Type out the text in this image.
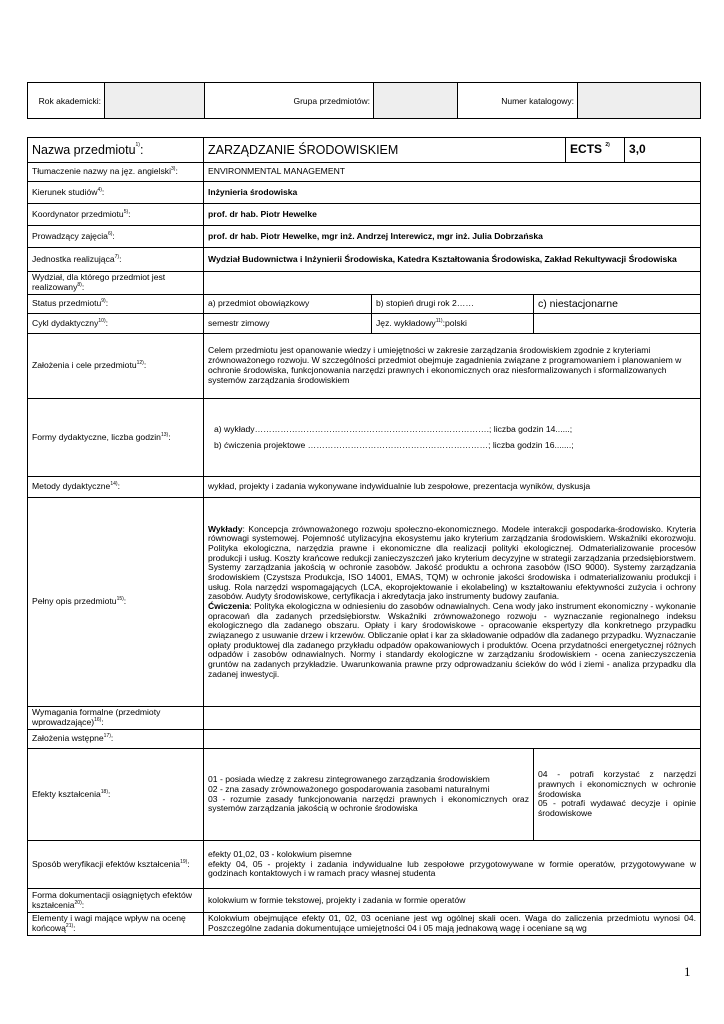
Rok akademicki:		Grupa przedmiotów:		Numer katalogowy:	
Nazwa przedmiotu$^{1)}$:	ZARZĄDZANIE ŚRODOWISKIEM			ECTS $^{2)}$	3,0
Tłumaczenie nazwy na jęz. angielski$^{3)}$:	ENVIRONMENTAL MANAGEMENT				
Kierunek studiów$^{4)}$:	Inżynieria środowiska				
Koordynator przedmiotu$^{5)}$:	prof. dr hab. Piotr Hewelke				
Prowadzący zajęcia$^{6)}$:	prof. dr hab. Piotr Hewelke, mgr inż. Andrzej Interewicz, mgr inż. Julia Dobrzańska				
Jednostka realizująca$^{7)}$:	Wydział Budownictwa i Inżynierii Środowiska, Katedra Kształtowania Środowiska, Zakład Rekultywacji Środowiska				
Wydział, dla którego przedmiot jest realizowany$^{8)}$:					
Status przedmiotu$^{9)}$:	a) przedmiot obowiązkowy	b) stopień drugi rok 2……	c) niestacjonarne		
Cykl dydaktyczny$^{10)}$:	semestr zimowy	Jęz. wykładowy$^{11)}$:polski			
Założenia i cele przedmiotu$^{12)}$:	Celem przedmiotu jest opanowanie wiedzy i umiejętności w zakresie zarządzania środowiskiem zgodnie z kryteriami zrównoważonego rozwoju. W szczególności przedmiot obejmuje zagadnienia związane z programowaniem i planowaniem w ochronie środowiska, funkcjonowania narzędzi prawnych i ekonomicznych oraz niesformalizowanych i sformalizowanych systemów zarządzania środowiskiem				
Formy dydaktyczne, liczba godzin$^{13)}$:	a) wykłady……………………………………………………………………….; liczba godzin 14......;
b) ćwiczenia projektowe ………………………………………………………; liczba godzin 16.......;				

Metody dydaktyczne$^{14)}$:	wykład, projekty i zadania wykonywane indywidualnie lub zespołowe, prezentacja wyników, dyskusja				
Pełny opis przedmiotu$^{15)}$:	Wykłady: Koncepcja zrównoważonego rozwoju społeczno-ekonomicznego. Modele interakcji gospodarka-środowisko. Kryteria równowagi systemowej. Pojemność utylizacyjna ekosystemu jako kryterium zarządzania środowiskiem. Wskaźniki ekorozwoju. Polityka ekologiczna, narzędzia prawne i ekonomiczne dla realizacji polityki ekologicznej. Odmaterializowanie procesów produkcji i usług. Koszty krańcowe redukcji zanieczyszczeń jako kryterium decyzyjne w strategii zarządzania przedsiębiorstwem. Systemy zarządzania jakością w ochronie zasobów. Jakość produktu a ochrona zasobów (ISO 9000). Systemy zarządzania środowiskiem (Czystsza Produkcja, ISO 14001, EMAS, TQM) w ochronie jakości środowiska i odmaterializowaniu produkcji i usług. Rola narzędzi wspomagających (LCA, ekoprojektowanie i ekolabeling) w kształtowaniu efektywności zużycia i ochrony zasobów. Audyty środowiskowe, certyfikacja i akredytacja jako instrumenty budowy zaufania.

Ćwiczenia: Polityka ekologiczna w odniesieniu do zasobów odnawialnych. Cena wody jako instrument ekonomiczny - wykonanie opracowań dla zadanych przedsiębiorstw. Wskaźniki zrównoważonego rozwoju - wyznaczanie regionalnego indeksu ekologicznego dla zadanego obszaru. Opłaty i kary środowiskowe - opracowanie ekspertyzy dla konkretnego przypadku związanego z usuwanie drzew i krzewów. Obliczanie opłat i kar za składowanie odpadów dla zadanego przypadku. Wyznaczanie opłaty produktowej dla zadanego przykładu odpadów opakowaniowych i produktów. Ocena przydatności energetycznej różnych odpadów i zasobów odnawialnych. Normy i standardy ekologiczne w zarządzaniu środowiskiem - ocena zanieczyszczenia gruntów na zadanych przykładzie. Uwarunkowania prawne przy odprowadzaniu ścieków do wód i ziemi - analiza przypadku dla zadanej inwestycji.				

Wymagania formalne (przedmioty wprowadzające)$^{16)}$:					
Założenia wstępne$^{17)}$:					
Efekty kształcenia$^{18)}$:	01 - posiada wiedzę z zakresu zintegrowanego zarządzania środowiskiem
02 - zna zasady zrównoważonego gospodarowania zasobami naturalnymi
03 - rozumie zasady funkcjonowania narzędzi prawnych i ekonomicznych oraz systemów zarządzania jakością w ochronie środowiska		04 - potrafi korzystać z narzędzi prawnych i ekonomicznych w ochronie środowiska
05 - potrafi wydawać decyzje i opinie środowiskowe		
Sposób weryfikacji efektów kształcenia$^{19)}$:	efekty 01,02, 03 - kolokwium pisemne
efekty 04, 05 - projekty i zadania indywidualne lub zespołowe przygotowywane w formie operatów, przygotowywane w godzinach kontaktowych i w ramach pracy własnej studenta				
Forma dokumentacji osiągniętych efektów kształcenia$^{20)}$:	kolokwium w formie tekstowej, projekty i zadania w formie operatów				
Elementy i wagi mające wpływ na ocenę końcową$^{21)}$:	Kolokwium obejmujące efekty 01, 02, 03 oceniane jest wg ogólnej skali ocen. Waga do zaliczenia przedmiotu wynosi 04. Poszczególne zadania dokumentujące umiejętności 04 i 05 mają jednakową wagę i oceniane są wg				
1
